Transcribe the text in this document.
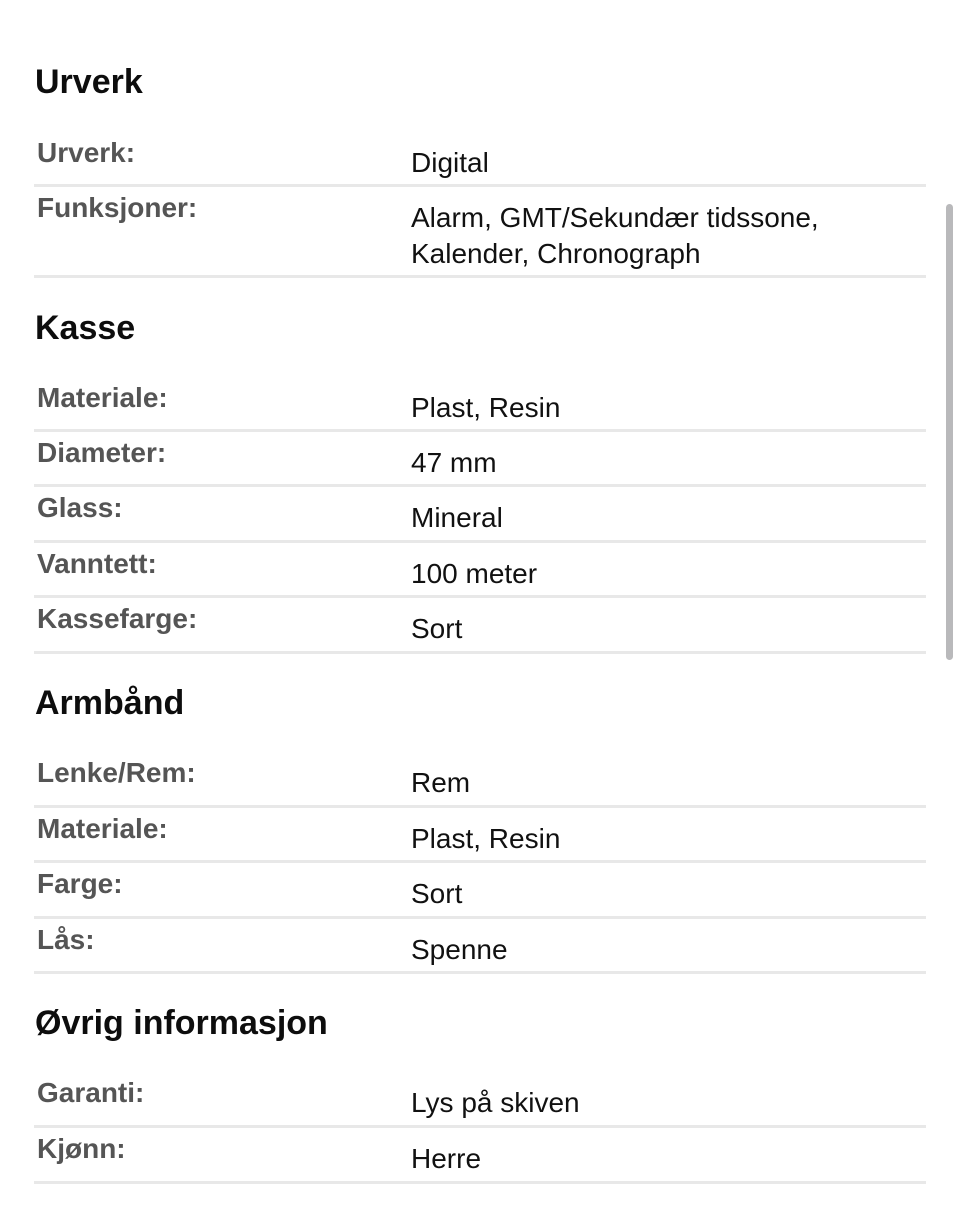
Urverk
Urverk:	Digital
Funksjoner:	Alarm, GMT/Sekundær tidssone,
Kalender, Chronograph
Kasse
Materiale:	Plast, Resin
Diameter:	47 mm
Glass:	Mineral
Vanntett:	100 meter
Kassefarge:	Sort
Armbånd
Lenke/Rem:	Rem
Materiale:	Plast, Resin
Farge:	Sort
Lås:	Spenne
Øvrig informasjon
Garanti:	Lys på skiven
Kjønn:	Herre
